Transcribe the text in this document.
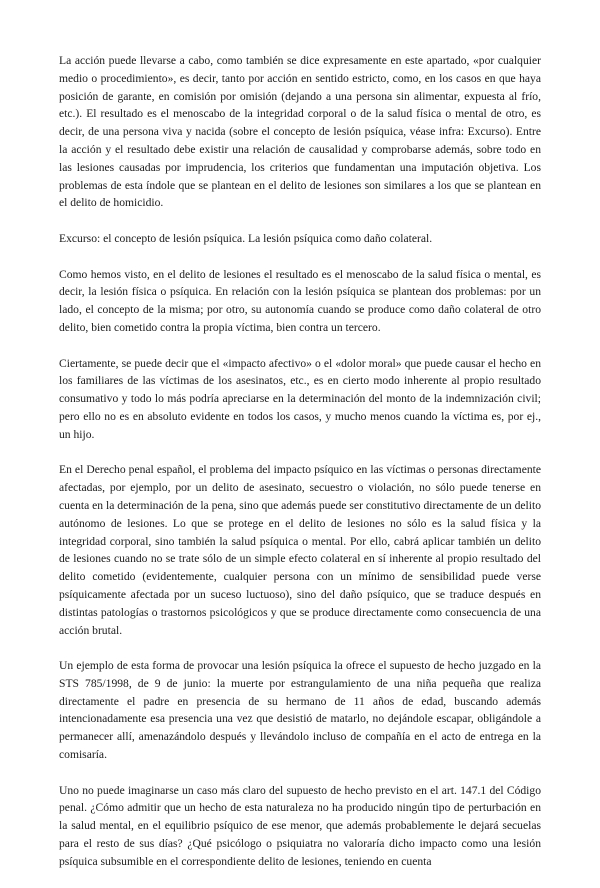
La acción puede llevarse a cabo, como también se dice expresamente en este apartado, «por cualquier medio o procedimiento», es decir, tanto por acción en sentido estricto, como, en los casos en que haya posición de garante, en comisión por omisión (dejando a una persona sin alimentar, expuesta al frío, etc.). El resultado es el menoscabo de la integridad corporal o de la salud física o mental de otro, es decir, de una persona viva y nacida (sobre el concepto de lesión psíquica, véase infra: Excurso). Entre la acción y el resultado debe existir una relación de causalidad y comprobarse además, sobre todo en las lesiones causadas por imprudencia, los criterios que fundamentan una imputación objetiva. Los problemas de esta índole que se plantean en el delito de lesiones son similares a los que se plantean en el delito de homicidio.

Excurso: el concepto de lesión psíquica. La lesión psíquica como daño colateral.

Como hemos visto, en el delito de lesiones el resultado es el menoscabo de la salud física o mental, es decir, la lesión física o psíquica. En relación con la lesión psíquica se plantean dos problemas: por un lado, el concepto de la misma; por otro, su autonomía cuando se produce como daño colateral de otro delito, bien cometido contra la propia víctima, bien contra un tercero.

Ciertamente, se puede decir que el «impacto afectivo» o el «dolor moral» que puede causar el hecho en los familiares de las víctimas de los asesinatos, etc., es en cierto modo inherente al propio resultado consumativo y todo lo más podría apreciarse en la determinación del monto de la indemnización civil; pero ello no es en absoluto evidente en todos los casos, y mucho menos cuando la víctima es, por ej., un hijo.

En el Derecho penal español, el problema del impacto psíquico en las víctimas o personas directamente afectadas, por ejemplo, por un delito de asesinato, secuestro o violación, no sólo puede tenerse en cuenta en la determinación de la pena, sino que además puede ser constitutivo directamente de un delito autónomo de lesiones. Lo que se protege en el delito de lesiones no sólo es la salud física y la integridad corporal, sino también la salud psíquica o mental. Por ello, cabrá aplicar también un delito de lesiones cuando no se trate sólo de un simple efecto colateral en sí inherente al propio resultado del delito cometido (evidentemente, cualquier persona con un mínimo de sensibilidad puede verse psíquicamente afectada por un suceso luctuoso), sino del daño psíquico, que se traduce después en distintas patologías o trastornos psicológicos y que se produce directamente como consecuencia de una acción brutal.

Un ejemplo de esta forma de provocar una lesión psíquica la ofrece el supuesto de hecho juzgado en la STS 785/1998, de 9 de junio: la muerte por estrangulamiento de una niña pequeña que realiza directamente el padre en presencia de su hermano de 11 años de edad, buscando además intencionadamente esa presencia una vez que desistió de matarlo, no dejándole escapar, obligándole a permanecer allí, amenazándolo después y llevándolo incluso de compañía en el acto de entrega en la comisaría.

Uno no puede imaginarse un caso más claro del supuesto de hecho previsto en el art. 147.1 del Código penal. ¿Cómo admitir que un hecho de esta naturaleza no ha producido ningún tipo de perturbación en la salud mental, en el equilibrio psíquico de ese menor, que además probablemente le dejará secuelas para el resto de sus días? ¿Qué psicólogo o psiquiatra no valoraría dicho impacto como una lesión psíquica subsumible en el correspondiente delito de lesiones, teniendo en cuenta
